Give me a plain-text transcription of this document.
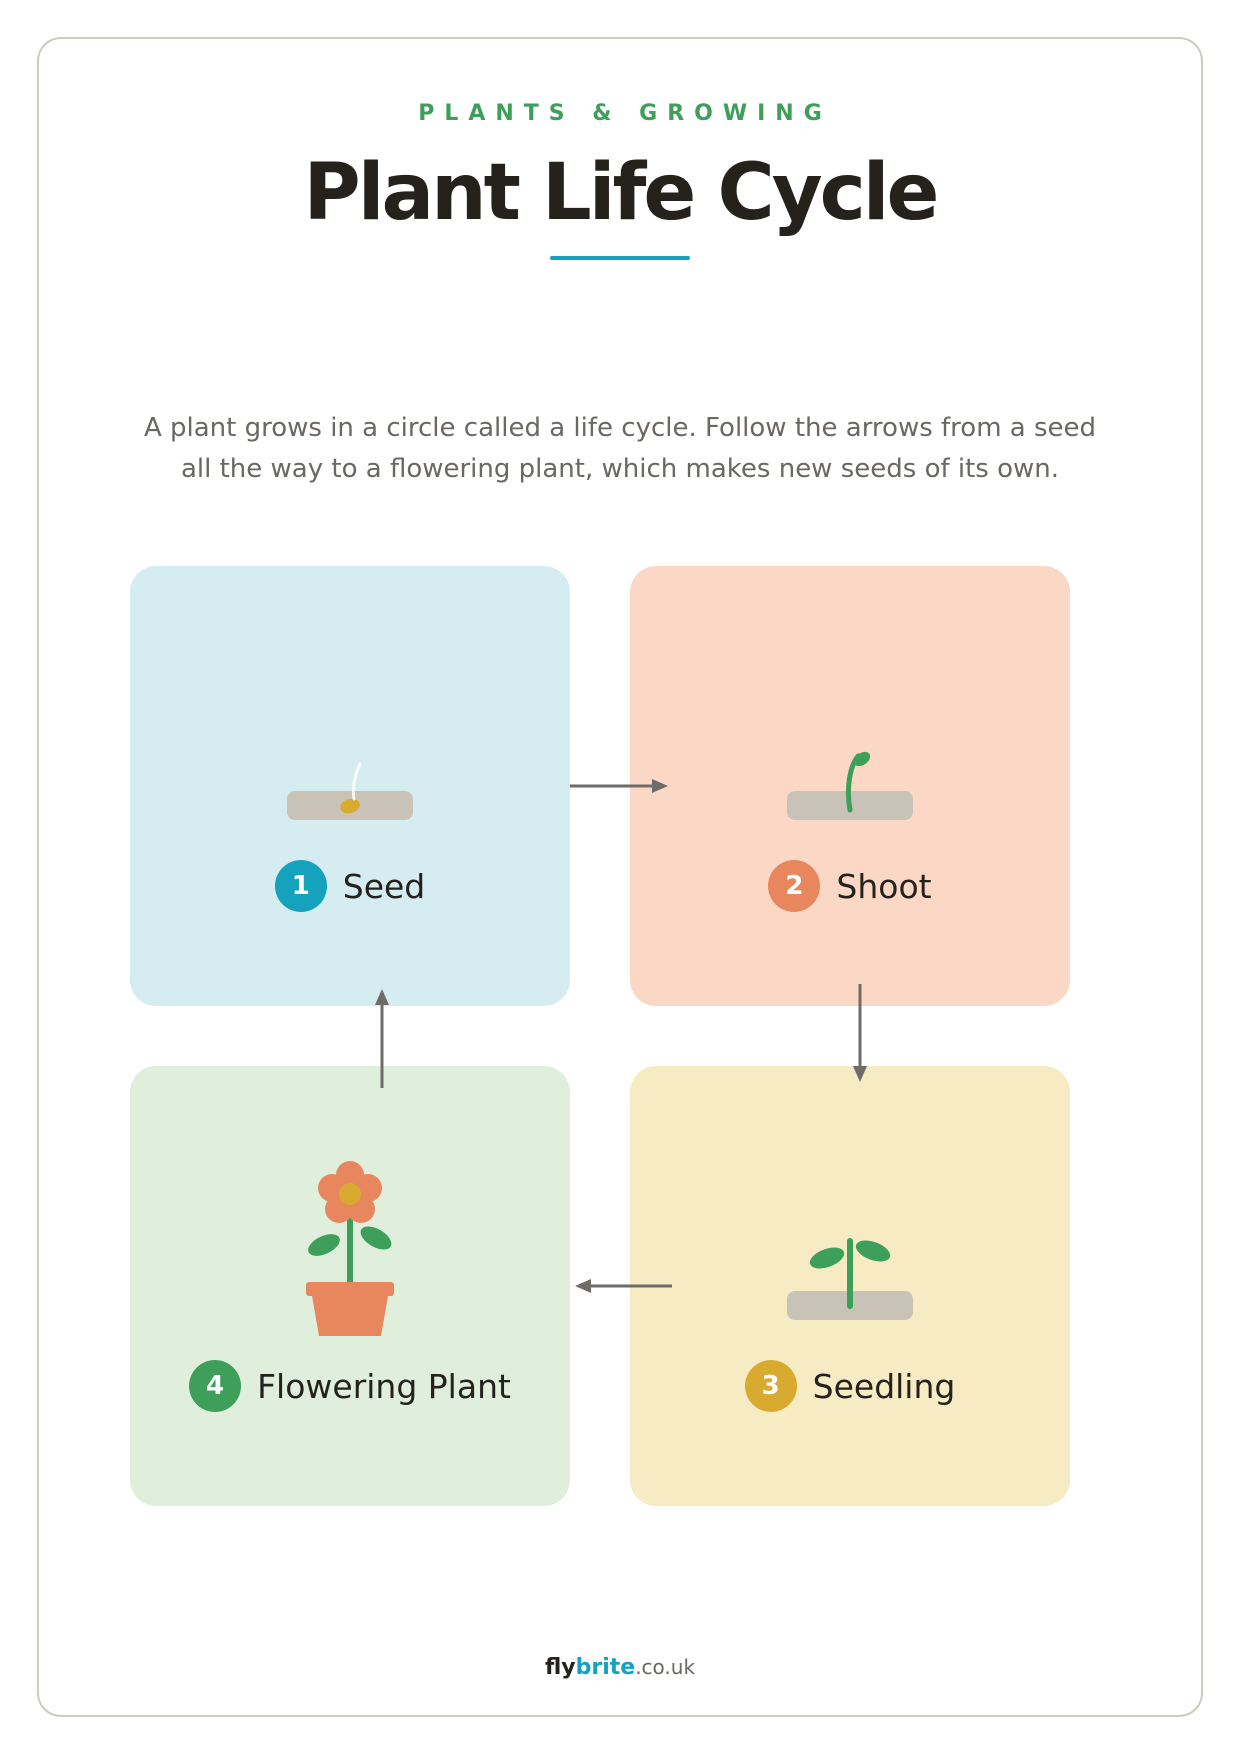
PLANTS & GROWING
Plant Life Cycle
A plant grows in a circle called a life cycle. Follow the arrows from a seed all the way to a flowering plant, which makes new seeds of its own.
1 Seed	2 Shoot
3 Seedling
4 Flowering Plant
flybrite.co.uk
